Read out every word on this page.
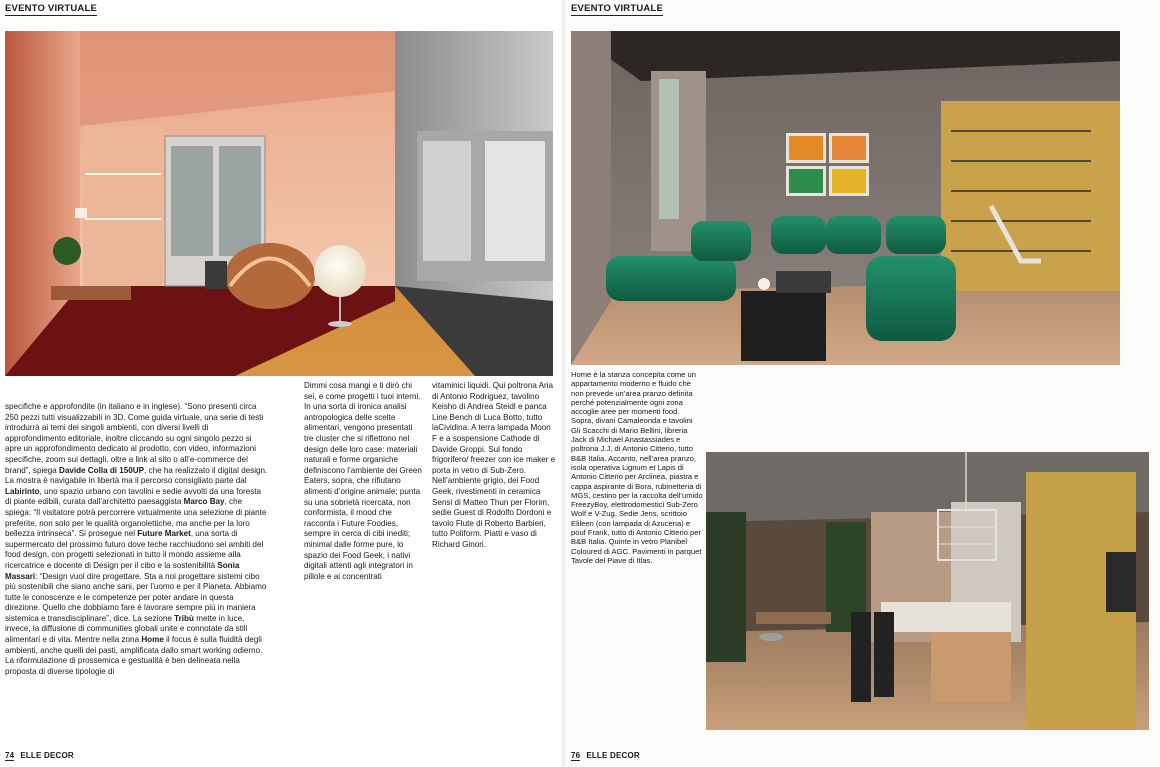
EVENTO VIRTUALE
specifiche e approfondite (in italiano e in inglese). “Sono presenti circa 250 pezzi tutti visualizzabili in 3D. Come guida virtuale, una serie di testi introdurrà ai temi dei singoli ambienti, con diversi livelli di approfondimento editoriale, inoltre cliccando su ogni singolo pezzo si apre un approfondimento dedicato al prodotto, con video, informazioni specifiche, zoom sui dettagli, oltre a link al sito o all’e-commerce del brand”, spiega Davide Colla di 150UP, che ha realizzato il digital design. La mostra è navigabile in libertà ma il percorso consigliato parte dal Labirinto, uno spazio urbano con tavolini e sedie avvolti da una foresta di piante edibili, curata dall’architetto paesaggista Marco Bay, che spiega: “Il visitatore potrà percorrere virtualmente una selezione di piante preferite, non solo per le qualità organolettiche, ma anche per la loro bellezza intrinseca”. Si prosegue nel Future Market, una sorta di supermercato del prossimo futuro dove teche racchiudono sei ambiti del food design, con progetti selezionati in tutto il mondo assieme alla ricercatrice e docente di Design per il cibo e la sostenibilità Sonia Massari: “Design vuol dire progettare. Sta a noi progettare sistemi cibo più sostenibili che siano anche sani, per l’uomo e per il Pianeta. Abbiamo tutte le conoscenze e le competenze per poter andare in questa direzione. Quello che dobbiamo fare è lavorare sempre più in maniera sistemica e transdisciplinare”, dice. La sezione Tribù mette in luce, invece, la diffusione di communities globali unite e connotate da stili alimentari e di vita. Mentre nella zona Home il focus è sulla fluidità degli ambienti, anche quelli dei pasti, amplificata dallo smart working odierno. La riformulazione di prossemica e gestualità è ben delineata nella proposta di diverse tipologie di
Dimmi cosa mangi e ti dirò chi sei, e come progetti i tuoi interni. In una sorta di ironica analisi antropologica delle scelte alimentari, vengono presentati tre cluster che si riflettono nel design delle loro case: materiali naturali e forme organiche definiscono l’ambiente dei Green Eaters, sopra, che rifiutano alimenti d’origine animale; punta su una sobrietà ricercata, non conformista, il mood che racconta i Future Foodies, sempre in cerca di cibi inediti; minimal dalle forme pure, lo spazio dei Food Geek, i nativi digitali attenti agli integratori in pillole e ai concentrati
vitaminici liquidi. Qui poltrona Aria di Antonio Rodriguez, tavolino Keisho di Andrea Steidl e panca Line Bench di Luca Botto, tutto laCividina. A terra lampada Moon F e a sospensione Cathode di Davide Groppi. Sul fondo frigorifero/ freezer con ice maker e porta in vetro di Sub-Zero. Nell’ambiente grigio, dei Food Geek, rivestimenti in ceramica Sensi di Matteo Thun per Florim, sedie Guest di Rodolfo Dordoni e tavolo Flute di Roberto Barbieri, tutto Poliform. Piatti e vaso di Richard Ginori.
74 ELLE DECOR
EVENTO VIRTUALE
Home è la stanza concepita come un appartamento moderno e fluido che non prevede un’area pranzo definita perché potenzialmente ogni zona accoglie aree per momenti food. Sopra, divani Camaleonda e tavolini Gli Scacchi di Mario Bellini, libreria Jack di Michael Anastassiades e poltrona J.J. di Antonio Citterio, tutto B&B Italia. Accanto, nell’area pranzo, isola operativa Lignum et Lapis di Antonio Citterio per Arclinea, piastra e cappa aspirante di Bora, rubinetteria di MGS, cestino per la raccolta dell’umido FreezyBoy, elettrodomestici Sub-Zero Wolf e V-Zug. Sedie Jens, scrittoio Elileen (con lampada di Azucena) e pouf Frank, tutto di Antonio Citterio per B&B Italia. Quinte in vetro Planibel Coloured di AGC. Pavimenti in parquet Tavole del Piave di Itlas.
76 ELLE DECOR
